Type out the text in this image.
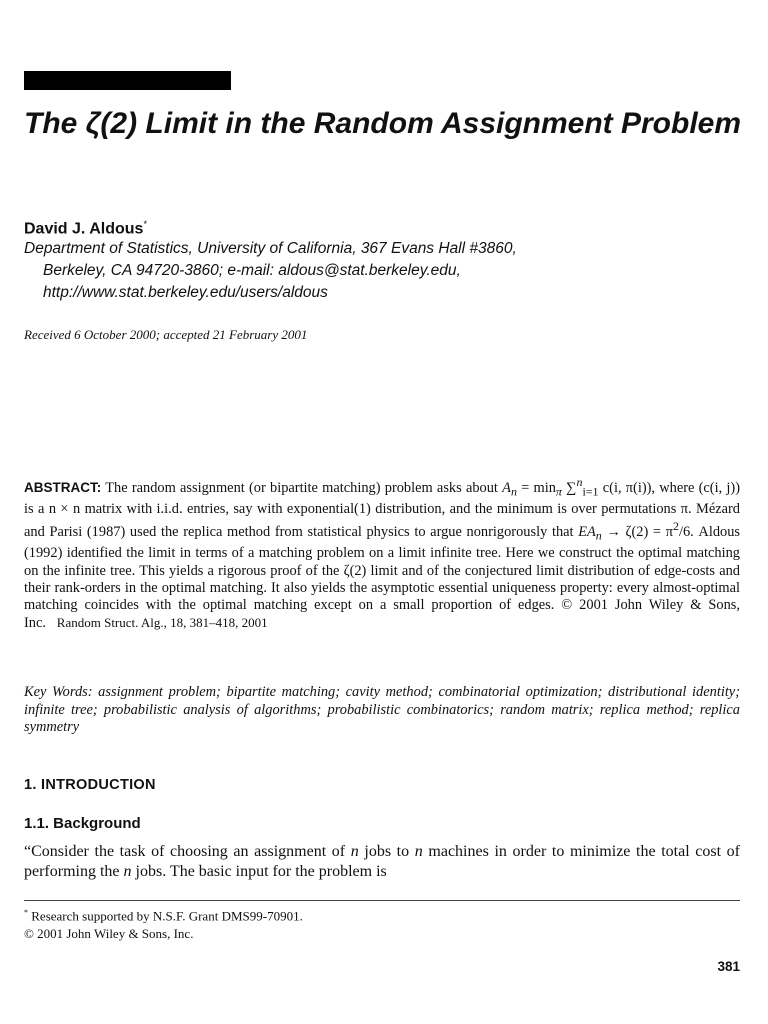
The ζ(2) Limit in the Random Assignment Problem
David J. Aldous*
Department of Statistics, University of California, 367 Evans Hall #3860,
Berkeley, CA 94720-3860; e-mail: aldous@stat.berkeley.edu,
http://www.stat.berkeley.edu/users/aldous
Received 6 October 2000; accepted 21 February 2001
ABSTRACT: The random assignment (or bipartite matching) problem asks about $A_n = \min_\pi \sum^n_{i=1}$ c(i, π(i)), where (c(i, j)) is a n × n matrix with i.i.d. entries, say with exponential(1) distribution, and the minimum is over permutations π. Mézard and Parisi (1987) used the replica method from statistical physics to argue nonrigorously that $EA_n \to \zeta(2) = \pi^2/6$. Aldous (1992) identified the limit in terms of a matching problem on a limit infinite tree. Here we construct the optimal matching on the infinite tree. This yields a rigorous proof of the ζ(2) limit and of the conjectured limit distribution of edge-costs and their rank-orders in the optimal matching. It also yields the asymptotic essential uniqueness property: every almost-optimal matching coincides with the optimal matching except on a small proportion of edges. © 2001 John Wiley & Sons, Inc. Random Struct. Alg., 18, 381–418, 2001
Key Words: assignment problem; bipartite matching; cavity method; combinatorial optimization; distributional identity; infinite tree; probabilistic analysis of algorithms; probabilistic combinatorics; random matrix; replica method; replica symmetry
1. INTRODUCTION
1.1. Background
“Consider the task of choosing an assignment of n jobs to n machines in order to minimize the total cost of performing the n jobs. The basic input for the problem is
* Research supported by N.S.F. Grant DMS99-70901.
© 2001 John Wiley & Sons, Inc.
381
